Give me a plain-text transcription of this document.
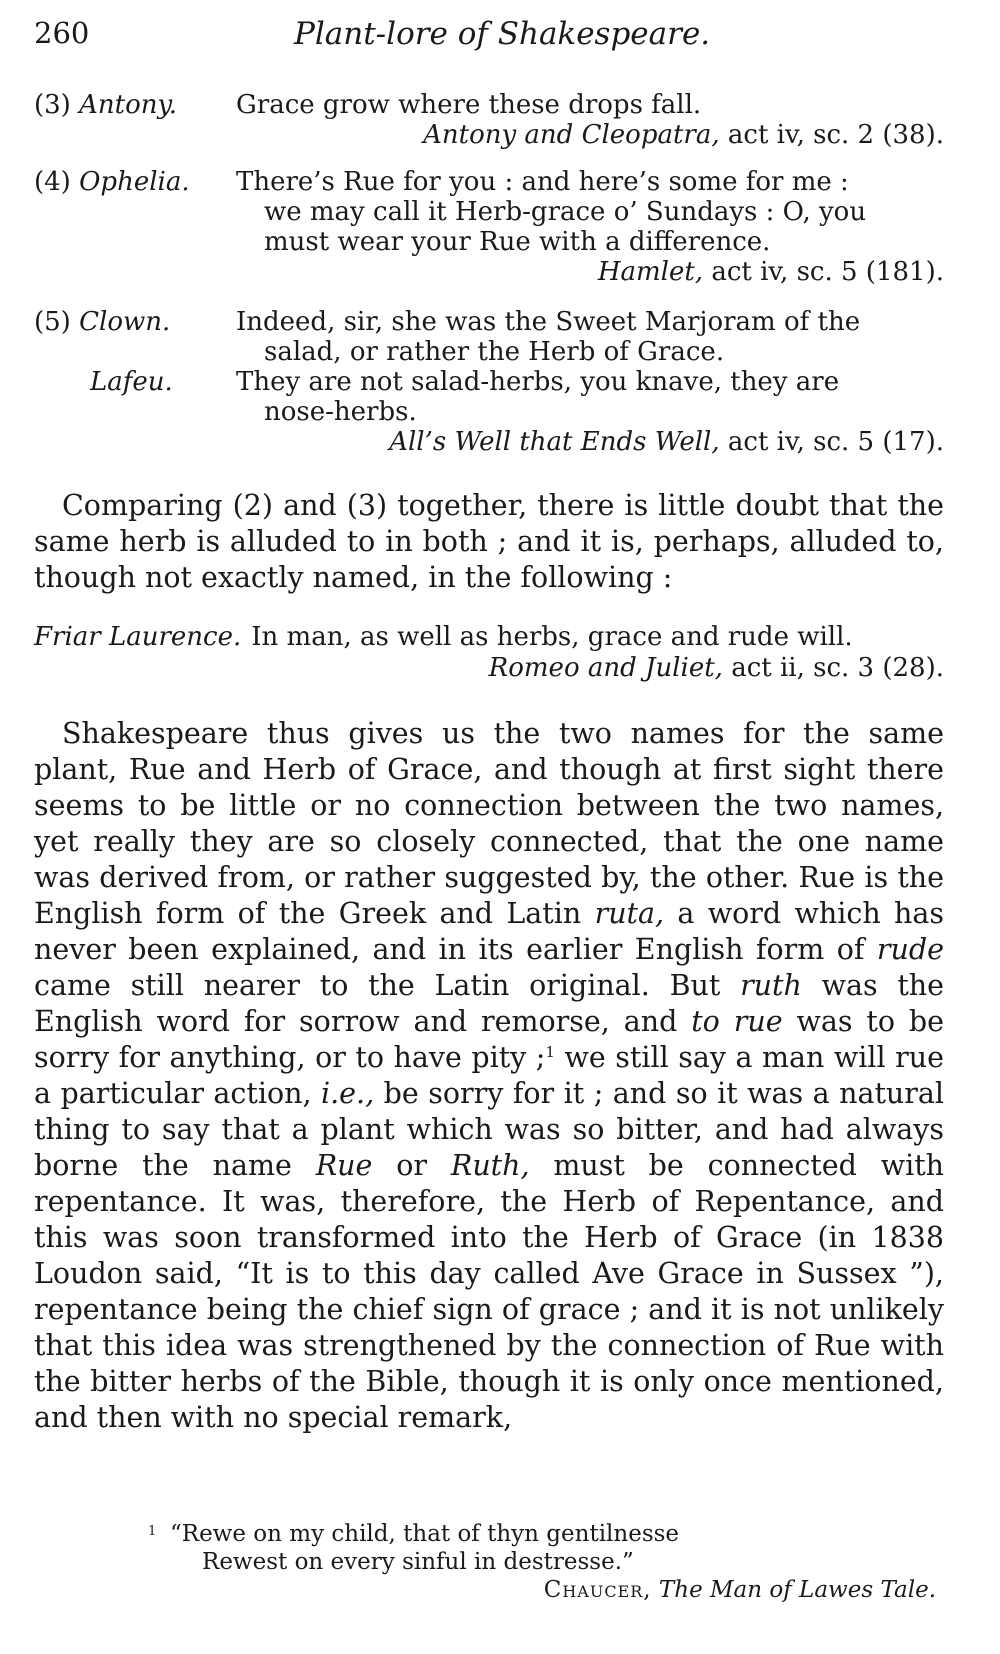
260	Plant-lore of Shakespeare.
(3) Antony.	Grace grow where these drops fall.
Antony and Cleopatra, act iv, sc. 2 (38).
(4) Ophelia.	There’s Rue for you : and here’s some for me :
we may call it Herb-grace o’ Sundays : O, you
must wear your Rue with a difference.
Hamlet, act iv, sc. 5 (181).
(5) Clown.	Indeed, sir, she was the Sweet Marjoram of the
salad, or rather the Herb of Grace.
Lafeu.	They are not salad-herbs, you knave, they are
nose-herbs.
All’s Well that Ends Well, act iv, sc. 5 (17).

Comparing (2) and (3) together, there is little doubt that the same herb is alluded to in both ; and it is, perhaps, alluded to, though not exactly named, in the following :

Friar Laurence. In man, as well as herbs, grace and rude will.
Romeo and Juliet, act ii, sc. 3 (28).

Shakespeare thus gives us the two names for the same plant, Rue and Herb of Grace, and though at first sight there seems to be little or no connection between the two names, yet really they are so closely connected, that the one name was derived from, or rather suggested by, the other. Rue is the English form of the Greek and Latin ruta, a word which has never been explained, and in its earlier English form of rude came still nearer to the Latin original. But ruth was the English word for sorrow and remorse, and to rue was to be sorry for anything, or to have pity ;$^1$ we still say a man will rue a particular action, i.e., be sorry for it ; and so it was a natural thing to say that a plant which was so bitter, and had always borne the name Rue or Ruth, must be connected with repentance. It was, therefore, the Herb of Repentance, and this was soon transformed into the Herb of Grace (in 1838 Loudon said, “It is to this day called Ave Grace in Sussex ”), repentance being the chief sign of grace ; and it is not unlikely that this idea was strengthened by the connection of Rue with the bitter herbs of the Bible, though it is only once mentioned, and then with no special remark,

1 “Rewe on my child, that of thyn gentilnesse
Rewest on every sinful in destresse.”
Chaucer, The Man of Lawes Tale.
